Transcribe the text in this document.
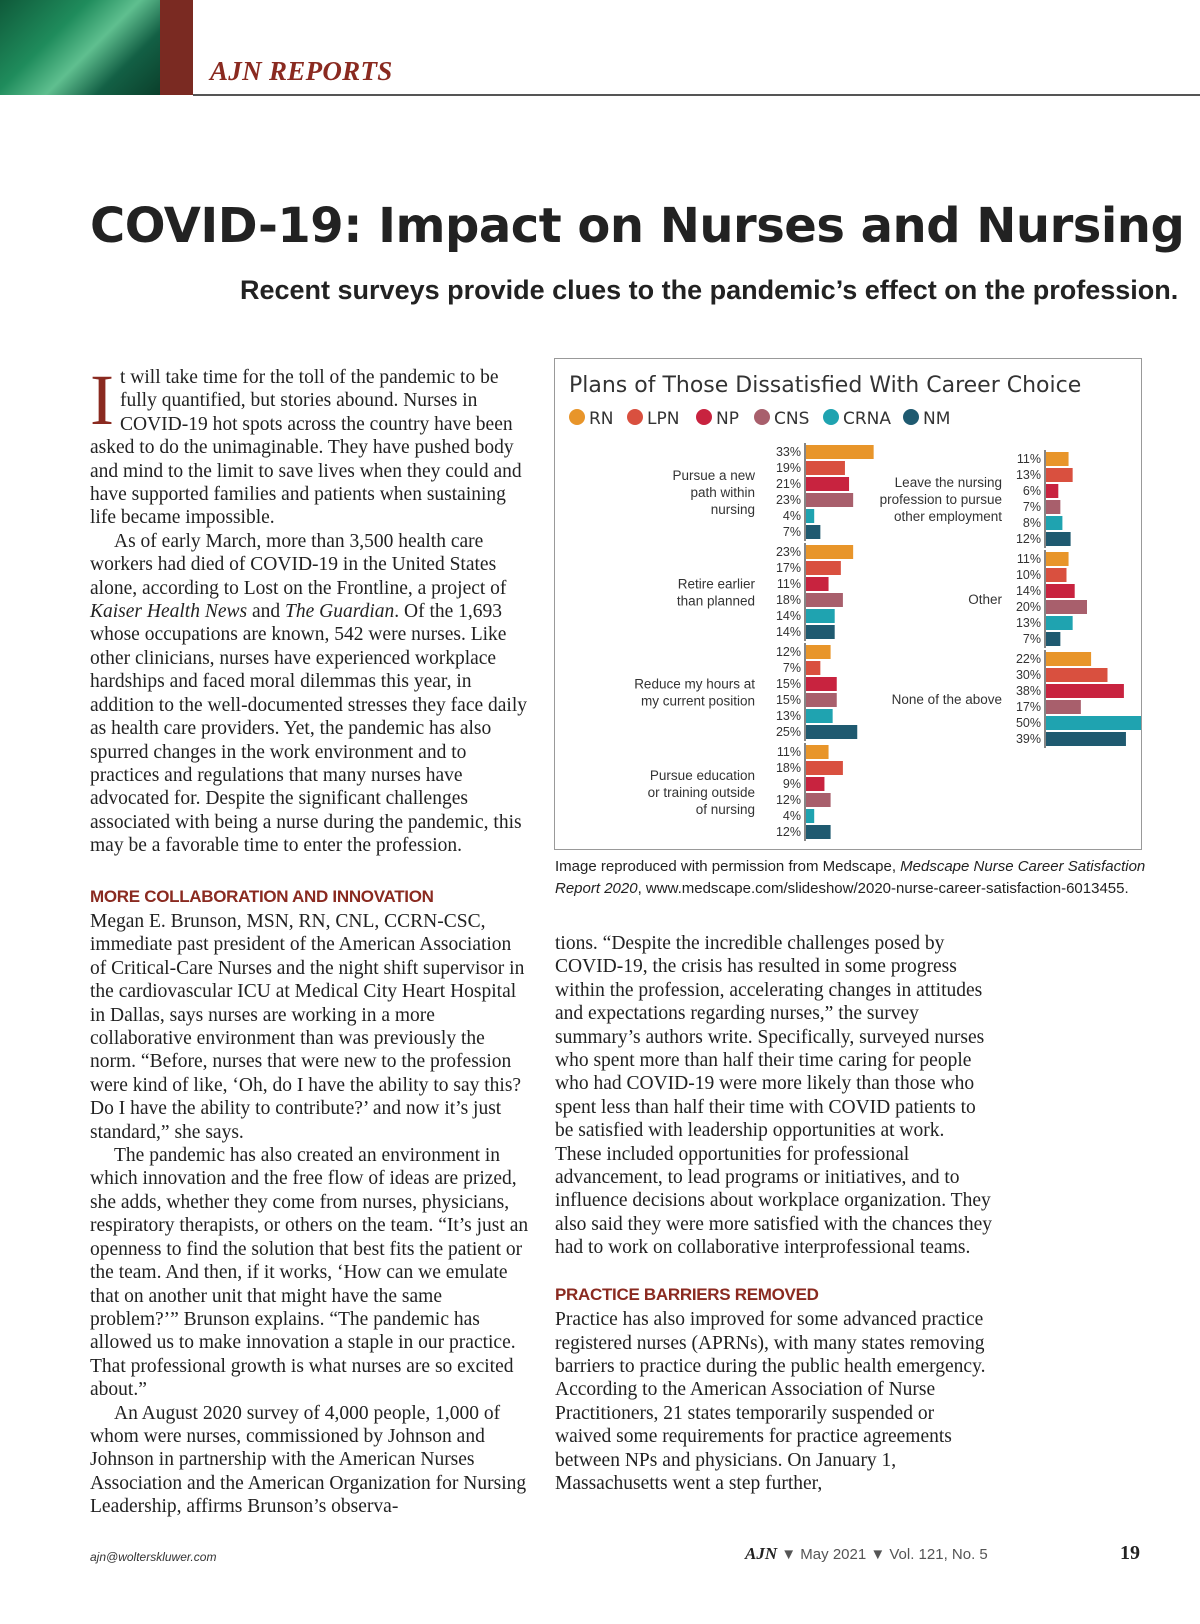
AJN REPORTS
COVID-19: Impact on Nurses and Nursing
Recent surveys provide clues to the pandemic’s effect on the profession.

It will take time for the toll of the pandemic to be fully quantified, but stories abound. Nurses in COVID-19 hot spots across the country have been asked to do the unimaginable. They have pushed body and mind to the limit to save lives when they could and have supported families and patients when sustaining life became impossible.

As of early March, more than 3,500 health care workers had died of COVID-19 in the United States alone, according to Lost on the Frontline, a project of Kaiser Health News and The Guardian. Of the 1,693 whose occupations are known, 542 were nurses. Like other clinicians, nurses have experienced workplace hardships and faced moral dilemmas this year, in addition to the well-documented stresses they face daily as health care providers. Yet, the pandemic has also spurred changes in the work environment and to practices and regulations that many nurses have advocated for. Despite the significant challenges associated with being a nurse during the pandemic, this may be a favorable time to enter the profession.

MORE COLLABORATION AND INNOVATION

Megan E. Brunson, MSN, RN, CNL, CCRN-CSC, immediate past president of the American Association of Critical-Care Nurses and the night shift supervisor in the cardiovascular ICU at Medical City Heart Hospital in Dallas, says nurses are working in a more collaborative environment than was previously the norm. “Before, nurses that were new to the profession were kind of like, ‘Oh, do I have the ability to say this? Do I have the ability to contribute?’ and now it’s just standard,” she says.

The pandemic has also created an environment in which innovation and the free flow of ideas are prized, she adds, whether they come from nurses, physicians, respiratory therapists, or others on the team. “It’s just an openness to find the solution that best fits the patient or the team. And then, if it works, ‘How can we emulate that on another unit that might have the same problem?’” Brunson explains. “The pandemic has allowed us to make innovation a staple in our practice. That professional growth is what nurses are so excited about.”

An August 2020 survey of 4,000 people, 1,000 of whom were nurses, commissioned by Johnson and Johnson in partnership with the American Nurses Association and the American Organization for Nursing Leadership, affirms Brunson’s observa-

Plans of Those Dissatisfied With Career Choice
RN LPN NP CNS CRNA NM
Pursue a new
path within
nursing
33%
19%
21%
23%
4%
7%
Retire earlier
than planned
23%
17%
11%
18%
14%
14%
Reduce my hours at
my current position
12%
7%
15%
15%
13%
25%
Pursue education
or training outside
of nursing
11%
18%
9%
12%
4%
12%
Leave the nursing
profession to pursue
other employment
11%
13%
6%
7%
8%
12%
Other
11%
10%
14%
20%
13%
7%
None of the above
22%
30%
38%
17%
50%
39%
Image reproduced with permission from Medscape, Medscape Nurse Career Satisfaction Report 2020, www.medscape.com/slideshow/2020-nurse-career-satisfaction-6013455.

tions. “Despite the incredible challenges posed by COVID-19, the crisis has resulted in some progress within the profession, accelerating changes in attitudes and expectations regarding nurses,” the survey summary’s authors write. Specifically, surveyed nurses who spent more than half their time caring for people who had COVID-19 were more likely than those who spent less than half their time with COVID patients to be satisfied with leadership opportunities at work. These included opportunities for professional advancement, to lead programs or initiatives, and to influence decisions about workplace organization. They also said they were more satisfied with the chances they had to work on collaborative interprofessional teams.

PRACTICE BARRIERS REMOVED

Practice has also improved for some advanced practice registered nurses (APRNs), with many states removing barriers to practice during the public health emergency. According to the American Association of Nurse Practitioners, 21 states temporarily suspended or waived some requirements for practice agreements between NPs and physicians. On January 1, Massachusetts went a step further,

ajn@wolterskluwer.com	AJN ▼ May 2021 ▼ Vol. 121, No. 5	19
